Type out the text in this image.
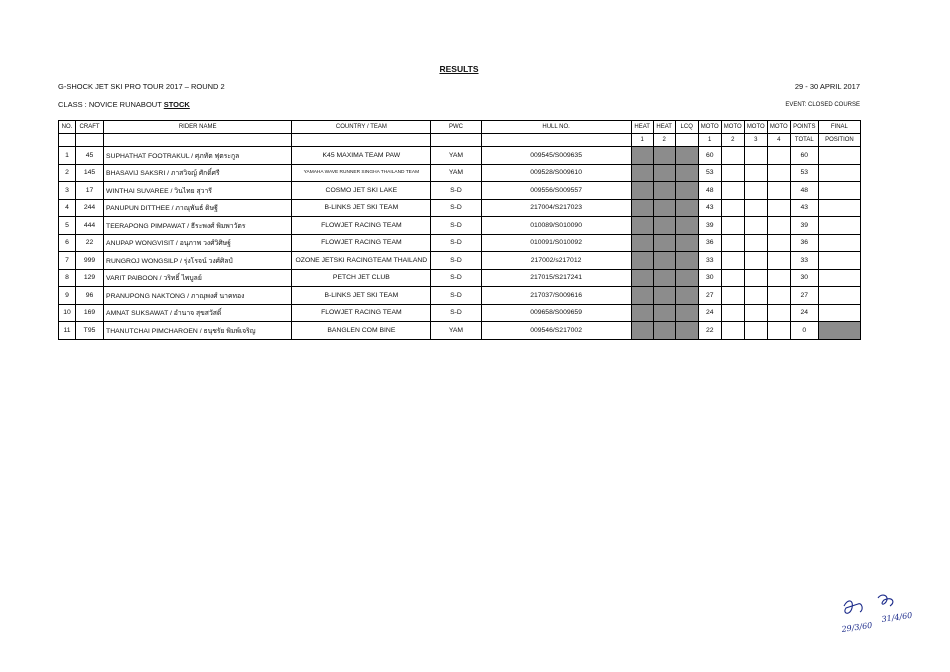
RESULTS
G-SHOCK JET SKI PRO TOUR 2017 – ROUND 2	29 - 30 APRIL 2017
CLASS : NOVICE RUNABOUT STOCK	EVENT: CLOSED COURSE
NO.	CRAFT	RIDER NAME	COUNTRY / TEAM	PWC	HULL NO.	HEAT	HEAT	LCQ	MOTO	MOTO	MOTO	MOTO	POINTS	FINAL
						1	2		1	2	3	4	TOTAL	POSITION
1	45	SUPHATHAT FOOTRAKUL / ศุภทัต ฟุตระกูล	K45 MAXIMA TEAM PAW	YAM	009545/S009635				60				60	
2	145	BHASAVIJ SAKSRI / ภาสวิจญ์ ศักดิ์ศรี	YAMAHA WAVE RUNNER SINGHA THAILAND TEAM	YAM	009528/S009610				53				53	
3	17	WINTHAI SUVAREE / วินไทย สุวารี	COSMO JET SKI LAKE	S-D	009556/S009557				48				48	
4	244	PANUPUN DITTHEE / ภาณุพันธ์ ดิษฐี	B-LINKS JET SKI TEAM	S-D	217004/S217023				43				43	
5	444	TEERAPONG PIMPAWAT / ธีระพงศ์ พิมพาวัตร	FLOWJET RACING TEAM	S-D	010089/S010090				39				39	
6	22	ANUPAP WONGVISIT / อนุภาพ วงศ์วิศิษฐ์	FLOWJET RACING TEAM	S-D	010091/S010092				36				36	
7	999	RUNGROJ WONGSILP / รุ่งโรจน์ วงศ์ศิลป์	OZONE JETSKI RACINGTEAM THAILAND	S-D	217002/s217012				33				33	
8	129	VARIT PAIBOON / วริทธิ์ ไพบูลย์	PETCH JET CLUB	S-D	217015/S217241				30				30	
9	96	PRANUPONG NAKTONG / ภาณุพงศ์ นาคทอง	B-LINKS JET SKI TEAM	S-D	217037/S009616				27				27	
10	169	AMNAT SUKSAWAT / อำนาจ สุขสวัสดิ์	FLOWJET RACING TEAM	S-D	009658/S009659				24				24	
11	T95	THANUTCHAI PIMCHAROEN / ธนุชรัย พิมพ์เจริญ	BANGLEN COM BINE	YAM	009546/S217002				22				0	
29/3/60
31/4/60
